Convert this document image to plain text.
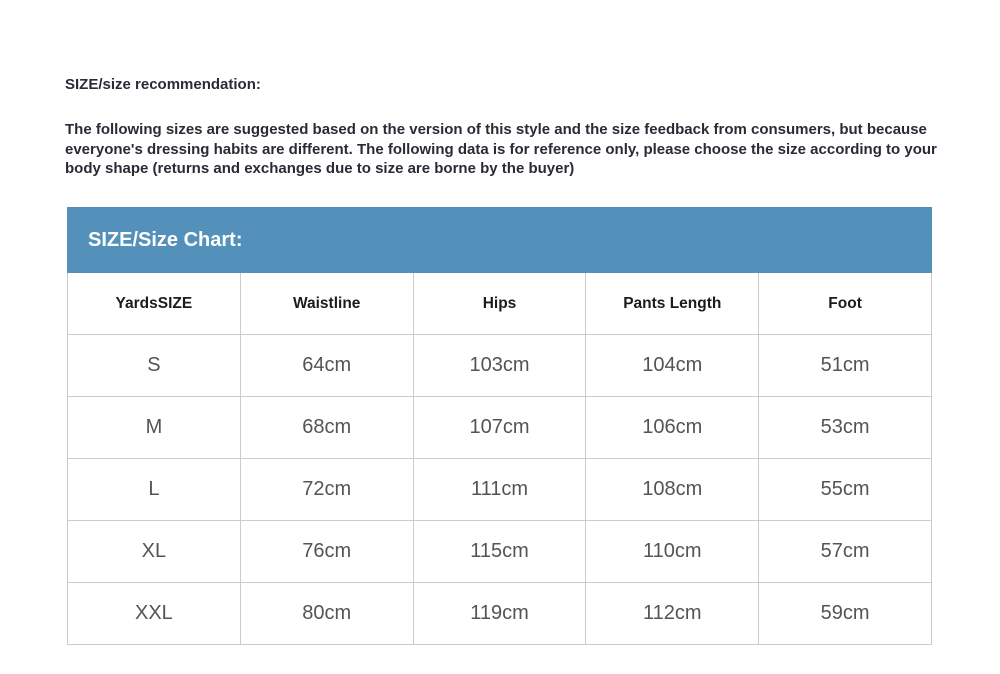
SIZE/size recommendation:

The following sizes are suggested based on the version of this style and the size feedback from consumers, but because everyone's dressing habits are different. The following data is for reference only, please choose the size according to your body shape (returns and exchanges due to size are borne by the buyer)

SIZE/Size Chart:
YardsSIZE	Waistline	Hips	Pants Length	Foot
S	64cm	103cm	104cm	51cm
M	68cm	107cm	106cm	53cm
L	72cm	111cm	108cm	55cm
XL	76cm	115cm	110cm	57cm
XXL	80cm	119cm	112cm	59cm
